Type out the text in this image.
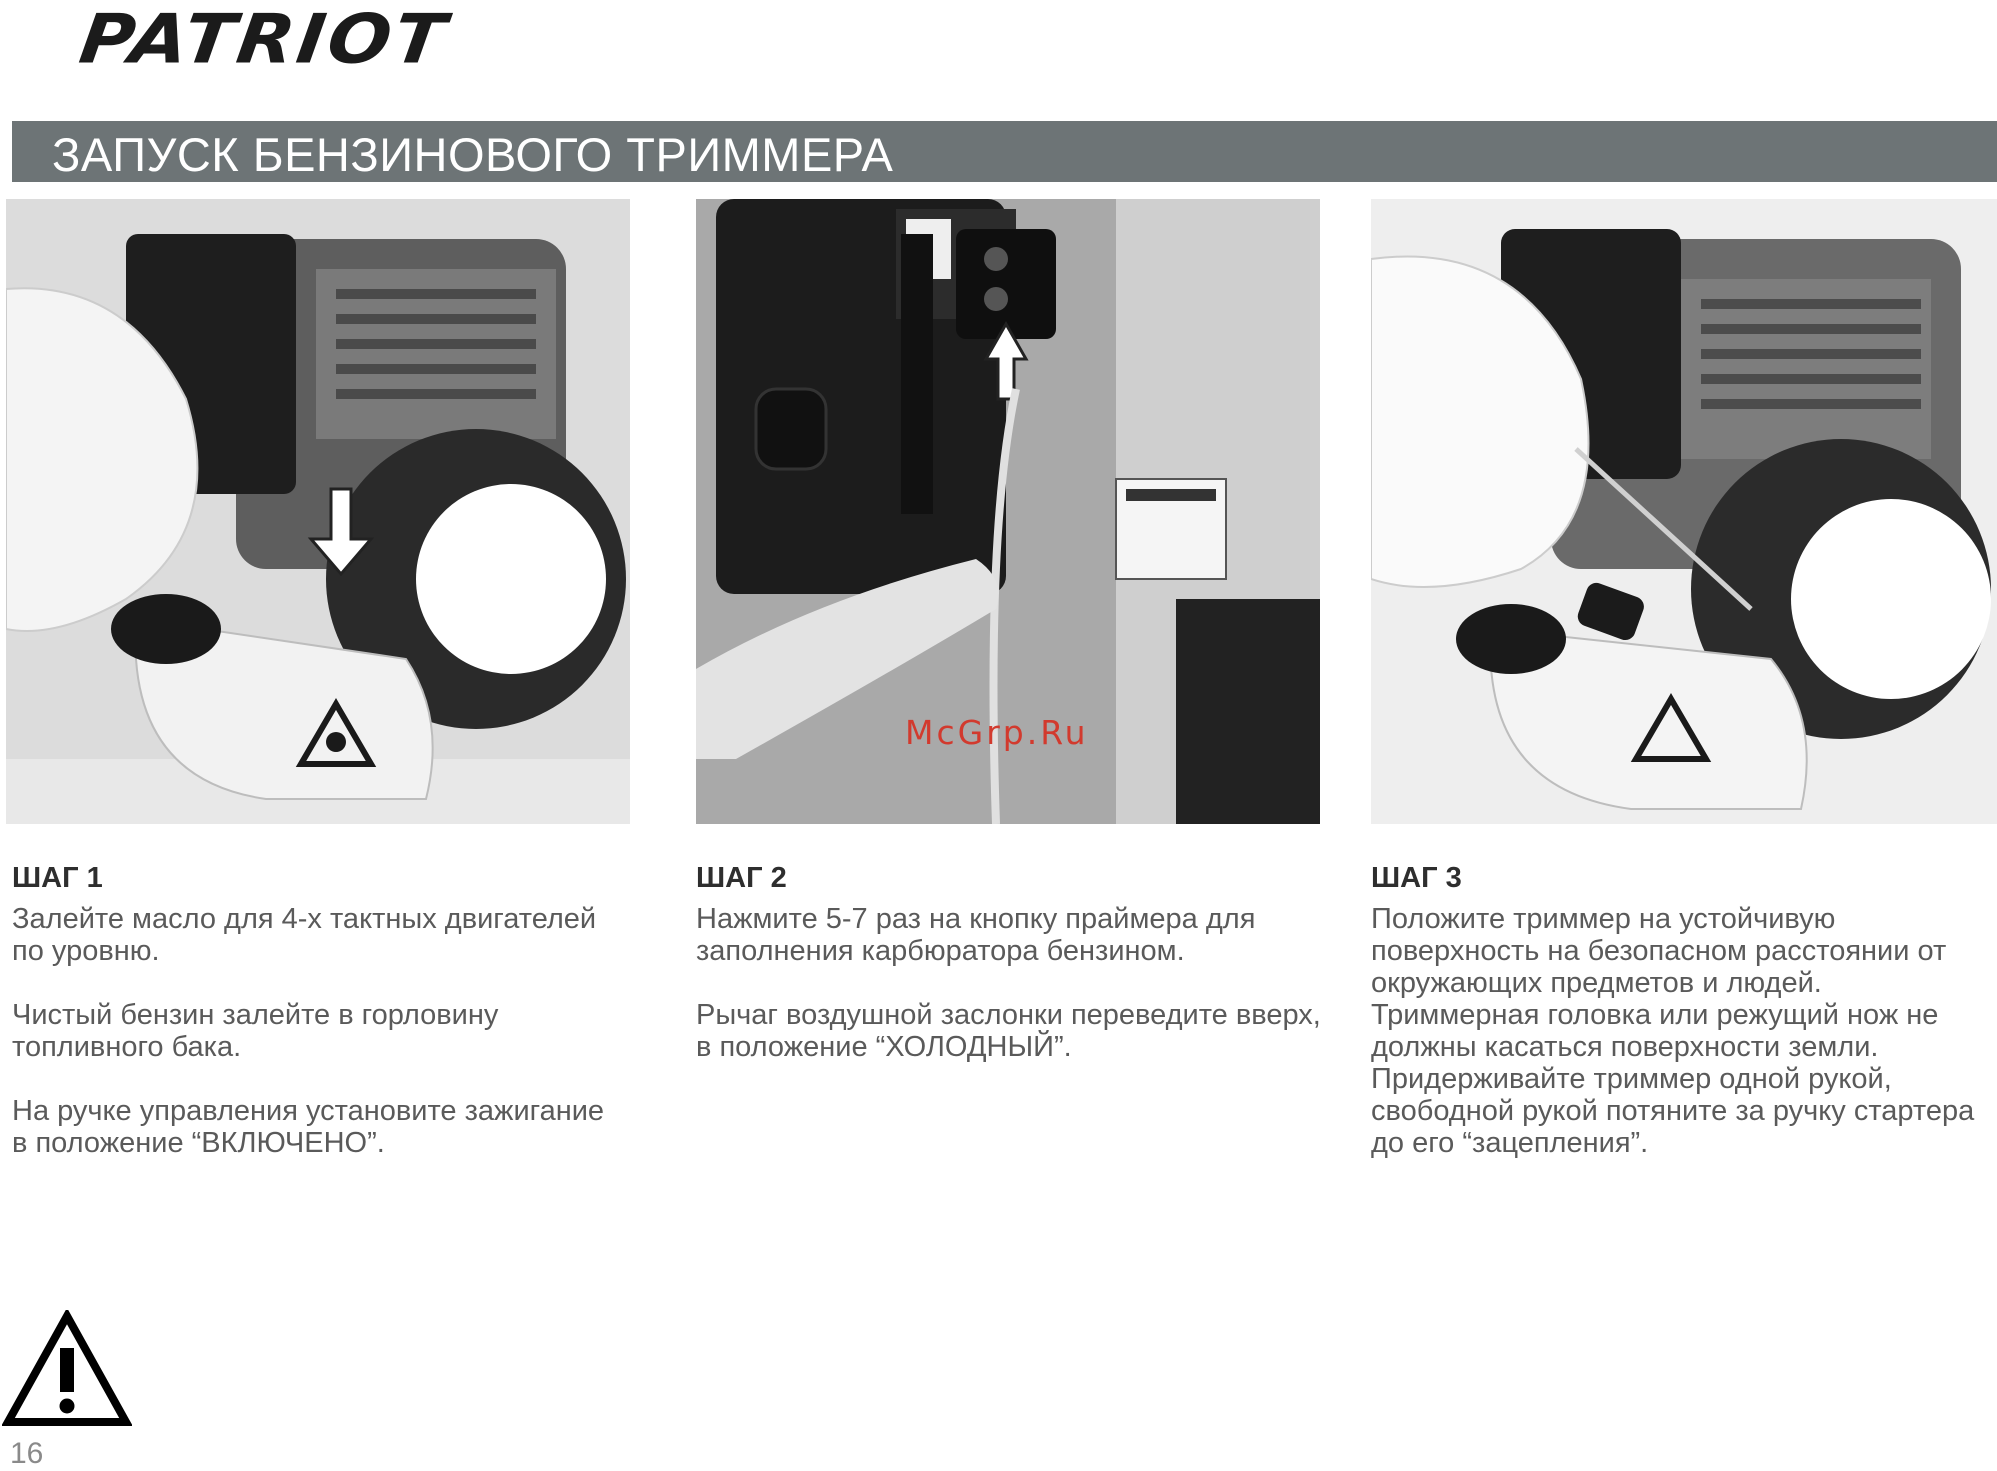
PATRIOT
ЗАПУСК БЕНЗИНОВОГО ТРИММЕРА
McGrp.Ru
ШАГ 1

Залейте масло для 4-х тактных двигателей по уровню.

Чистый бензин залейте в горловину топливного бака.

На ручке управления установите зажигание в положение “ВКЛЮЧЕНО”.

ШАГ 2

Нажмите 5-7 раз на кнопку праймера для заполнения карбюратора бензином.

Рычаг воздушной заслонки переведите вверх, в положение “ХОЛОДНЫЙ”.

ШАГ 3

Положите триммер на устойчивую поверхность на безопасном расстоянии от окружающих предметов и людей. Триммерная головка или режущий нож не должны касаться поверхности земли. Придерживайте триммер одной рукой, свободной рукой потяните за ручку стартера до его “зацепления”.

16
